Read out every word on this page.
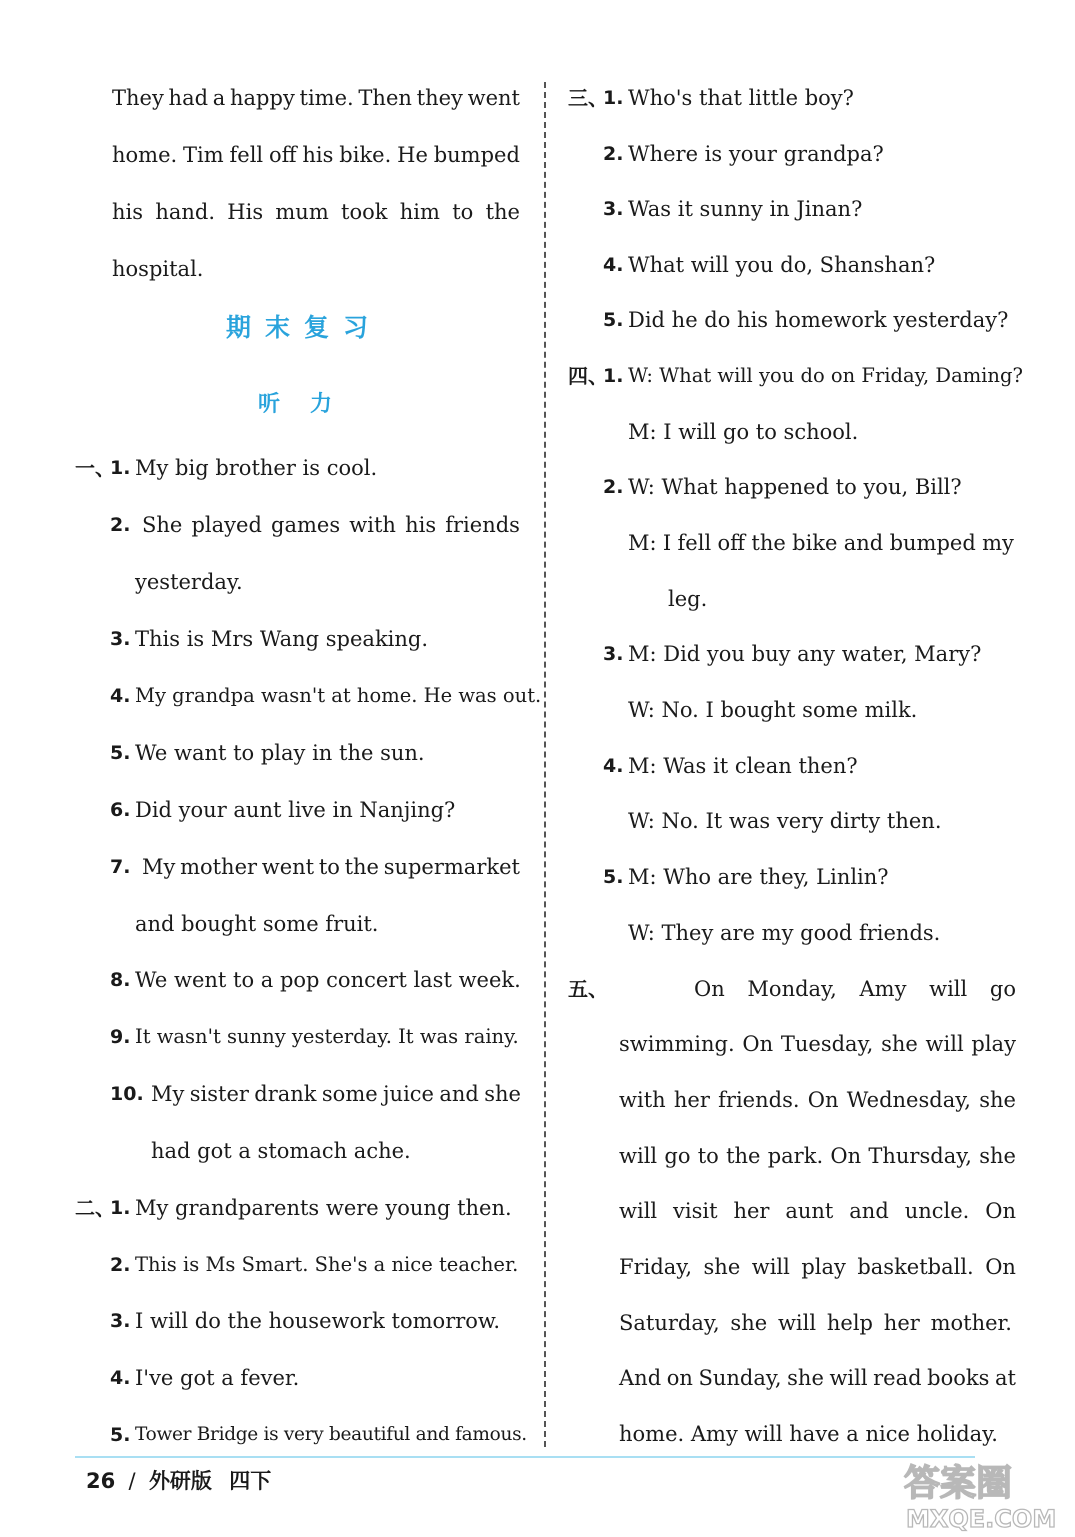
They had a happy time. Then they went
home. Tim fell off his bike. He bumped
his hand. His mum took him to the
hospital.
期末复习
听力
一、
1. My big brother is cool.
2. She played games with his friends
yesterday.
3. This is Mrs Wang speaking.
4. My grandpa wasn't at home. He was out.
5. We want to play in the sun.
6. Did your aunt live in Nanjing?
7. My mother went to the supermarket
and bought some fruit.
8. We went to a pop concert last week.
9. It wasn't sunny yesterday. It was rainy.
10. My sister drank some juice and she
had got a stomach ache.
二、
1. My grandparents were young then.
2. This is Ms Smart. She's a nice teacher.
3. I will do the housework tomorrow.
4. I've got a fever.
5. Tower Bridge is very beautiful and famous.
三、
1. Who's that little boy?
2. Where is your grandpa?
3. Was it sunny in Jinan?
4. What will you do, Shanshan?
5. Did he do his homework yesterday?
四、
1. W: What will you do on Friday, Daming?
M: I will go to school.
2. W: What happened to you, Bill?
M: I fell off the bike and bumped my
leg.
3. M: Did you buy any water, Mary?
W: No. I bought some milk.
4. M: Was it clean then?
W: No. It was very dirty then.
5. M: Who are they, Linlin?
W: They are my good friends.
五、	On Monday, Amy will go
swimming. On Tuesday, she will play
with her friends. On Wednesday, she
will go to the park. On Thursday, she
will visit her aunt and uncle. On
Friday, she will play basketball. On
Saturday, she will help her mother.
And on Sunday, she will read books at
home. Amy will have a nice holiday.
26 / 外研版 四下	答案圈
MXQE.COM
